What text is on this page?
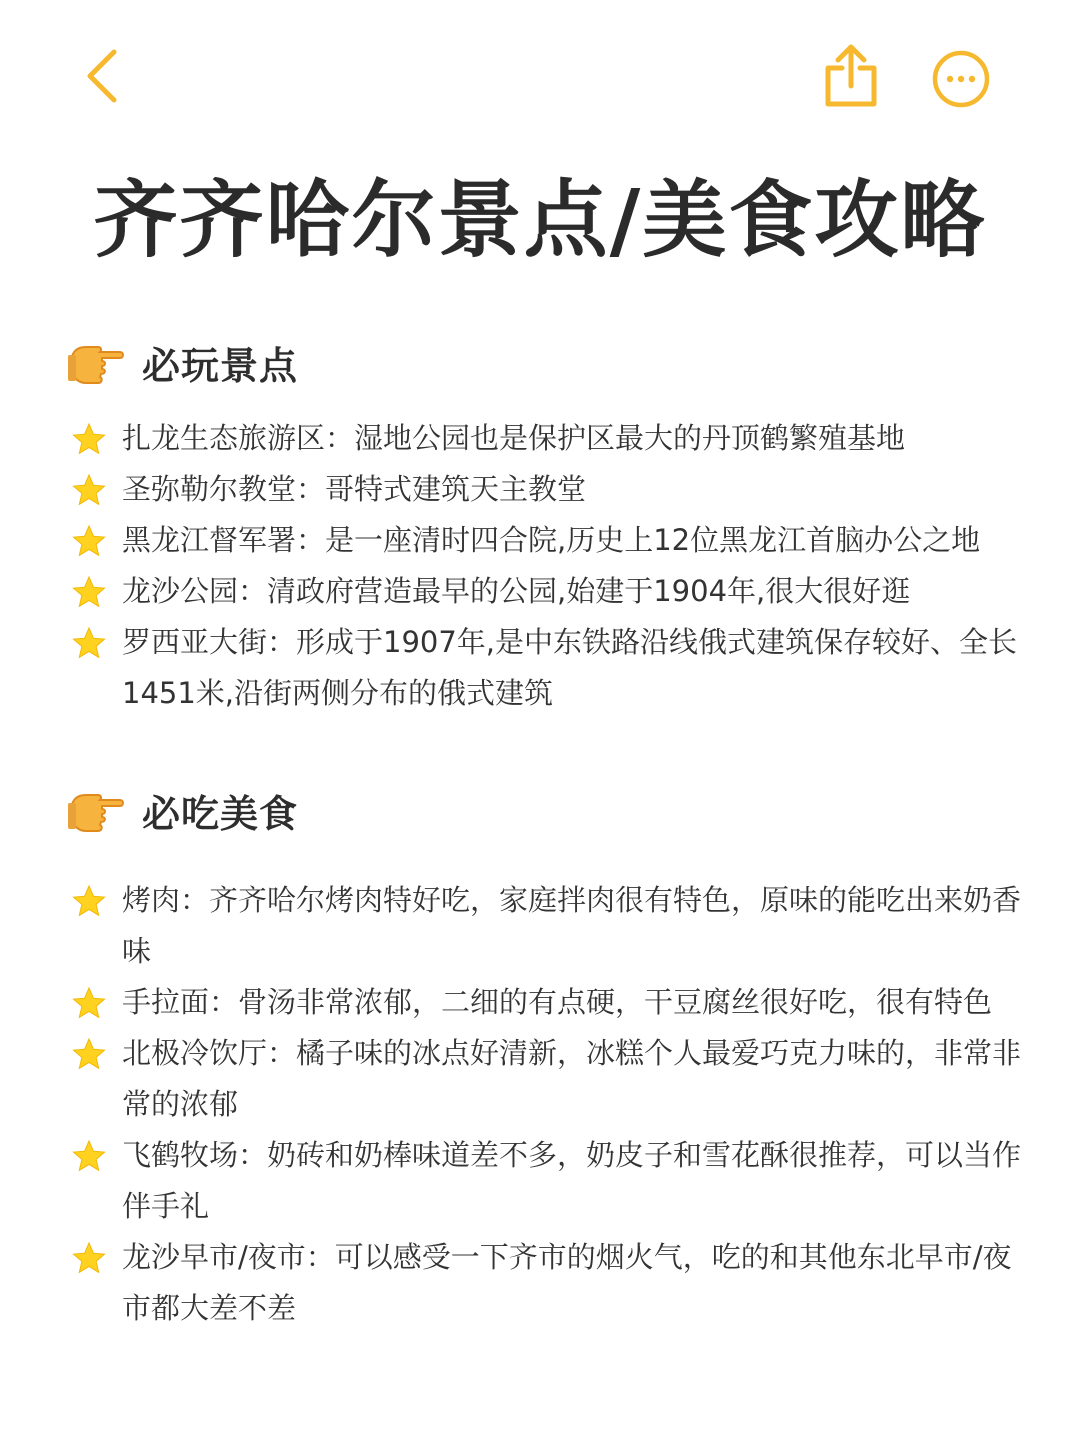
齐齐哈尔景点/美食攻略
必玩景点
扎龙生态旅游区：湿地公园也是保护区最大的丹顶鹤繁殖基地
圣弥勒尔教堂：哥特式建筑天主教堂
黑龙江督军署：是一座清时四合院,历史上12位黑龙江首脑办公之地
龙沙公园：清政府营造最早的公园,始建于1904年,很大很好逛
罗西亚大街：形成于1907年,是中东铁路沿线俄式建筑保存较好、全长1451米,沿街两侧分布的俄式建筑
必吃美食
烤肉：齐齐哈尔烤肉特好吃，家庭拌肉很有特色，原味的能吃出来奶香味
手拉面：骨汤非常浓郁，二细的有点硬，干豆腐丝很好吃，很有特色
北极冷饮厅：橘子味的冰点好清新，冰糕个人最爱巧克力味的，非常非常的浓郁
飞鹤牧场：奶砖和奶棒味道差不多，奶皮子和雪花酥很推荐，可以当作伴手礼
龙沙早市/夜市：可以感受一下齐市的烟火气，吃的和其他东北早市/夜市都大差不差
